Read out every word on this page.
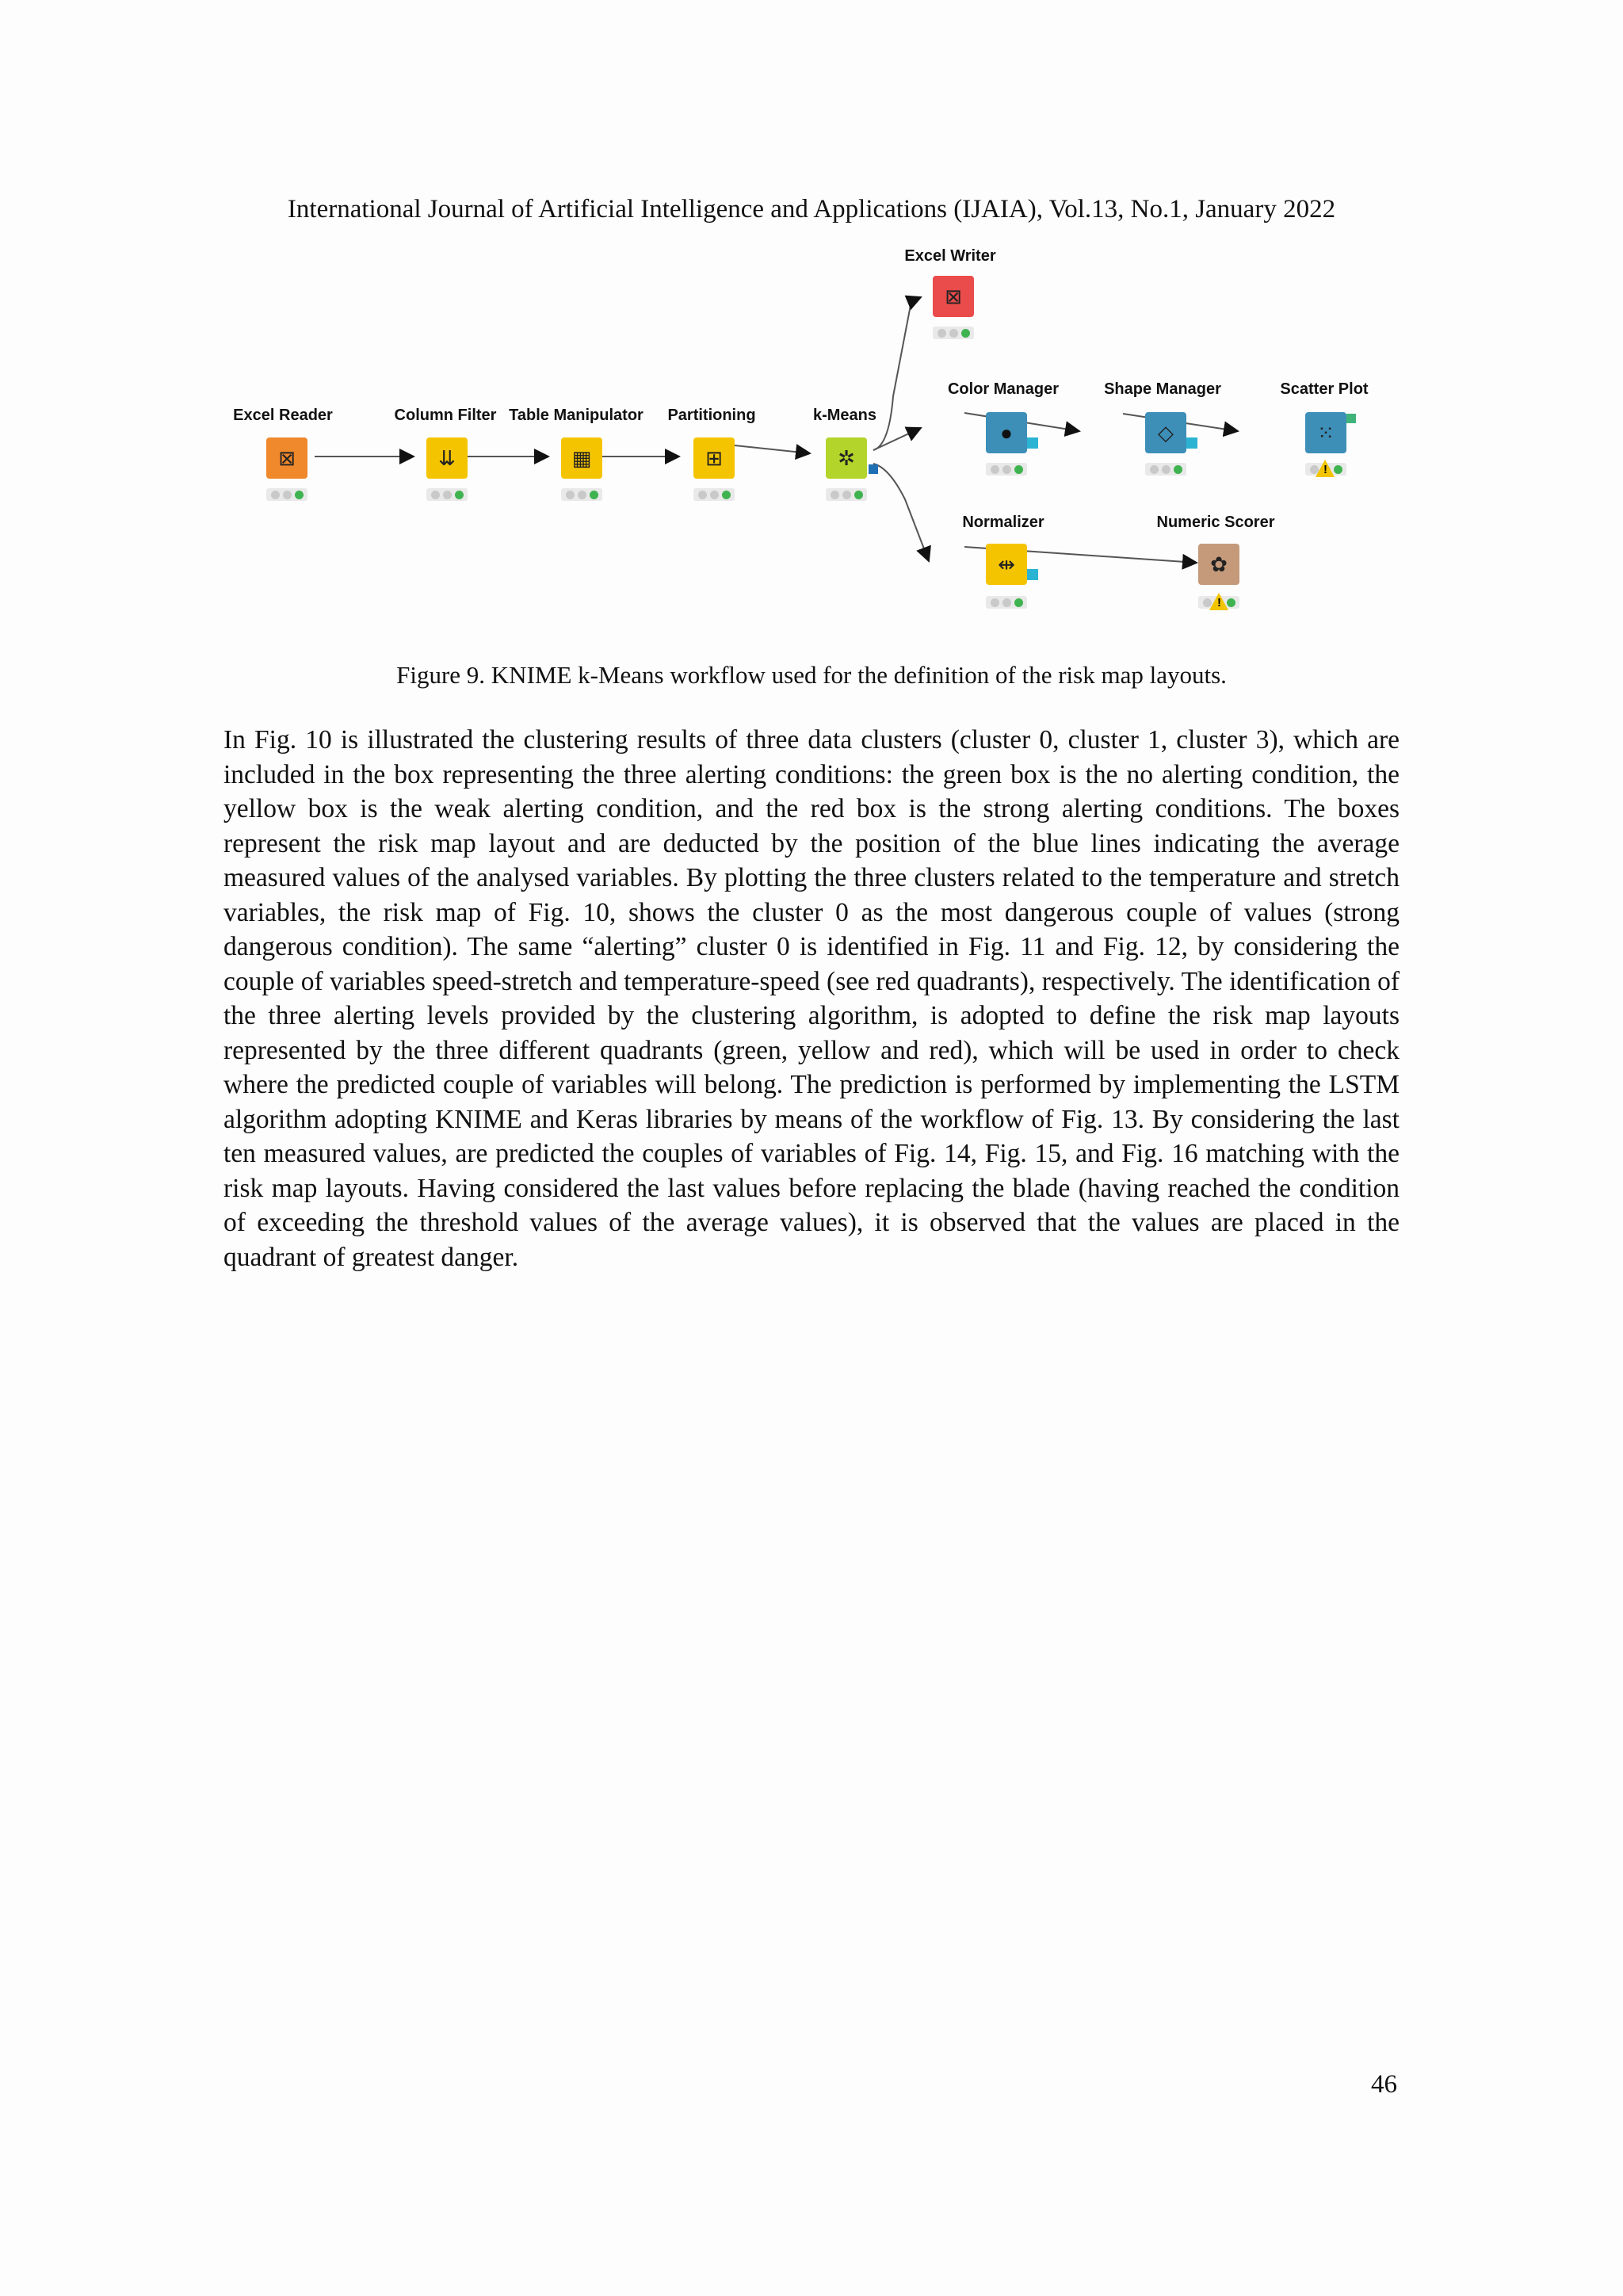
International Journal of Artificial Intelligence and Applications (IJAIA), Vol.13, No.1, January 2022
Excel Reader
⊠
Column Filter
⇊
Table Manipulator
▦
Partitioning
⊞
k-Means
✲
Excel Writer
⊠
Color Manager
●
Shape Manager
◇
Scatter Plot
⁙
!
Normalizer
⇹
Numeric Scorer
✿
!
Figure 9. KNIME k-Means workflow used for the definition of the risk map layouts.
In Fig. 10 is illustrated the clustering results of three data clusters (cluster 0, cluster 1, cluster 3), which are included in the box representing the three alerting conditions: the green box is the no alerting condition, the yellow box is the weak alerting condition, and the red box is the strong alerting conditions. The boxes represent the risk map layout and are deducted by the position of the blue lines indicating the average measured values of the analysed variables. By plotting the three clusters related to the temperature and stretch variables, the risk map of Fig. 10, shows the cluster 0 as the most dangerous couple of values (strong dangerous condition). The same “alerting” cluster 0 is identified in Fig. 11 and Fig. 12, by considering the couple of variables speed-stretch and temperature-speed (see red quadrants), respectively. The identification of the three alerting levels provided by the clustering algorithm, is adopted to define the risk map layouts represented by the three different quadrants (green, yellow and red), which will be used in order to check where the predicted couple of variables will belong. The prediction is performed by implementing the LSTM algorithm adopting KNIME and Keras libraries by means of the workflow of Fig. 13. By considering the last ten measured values, are predicted the couples of variables of Fig. 14, Fig. 15, and Fig. 16 matching with the risk map layouts. Having considered the last values before replacing the blade (having reached the condition of exceeding the threshold values of the average values), it is observed that the values are placed in the quadrant of greatest danger.
46
